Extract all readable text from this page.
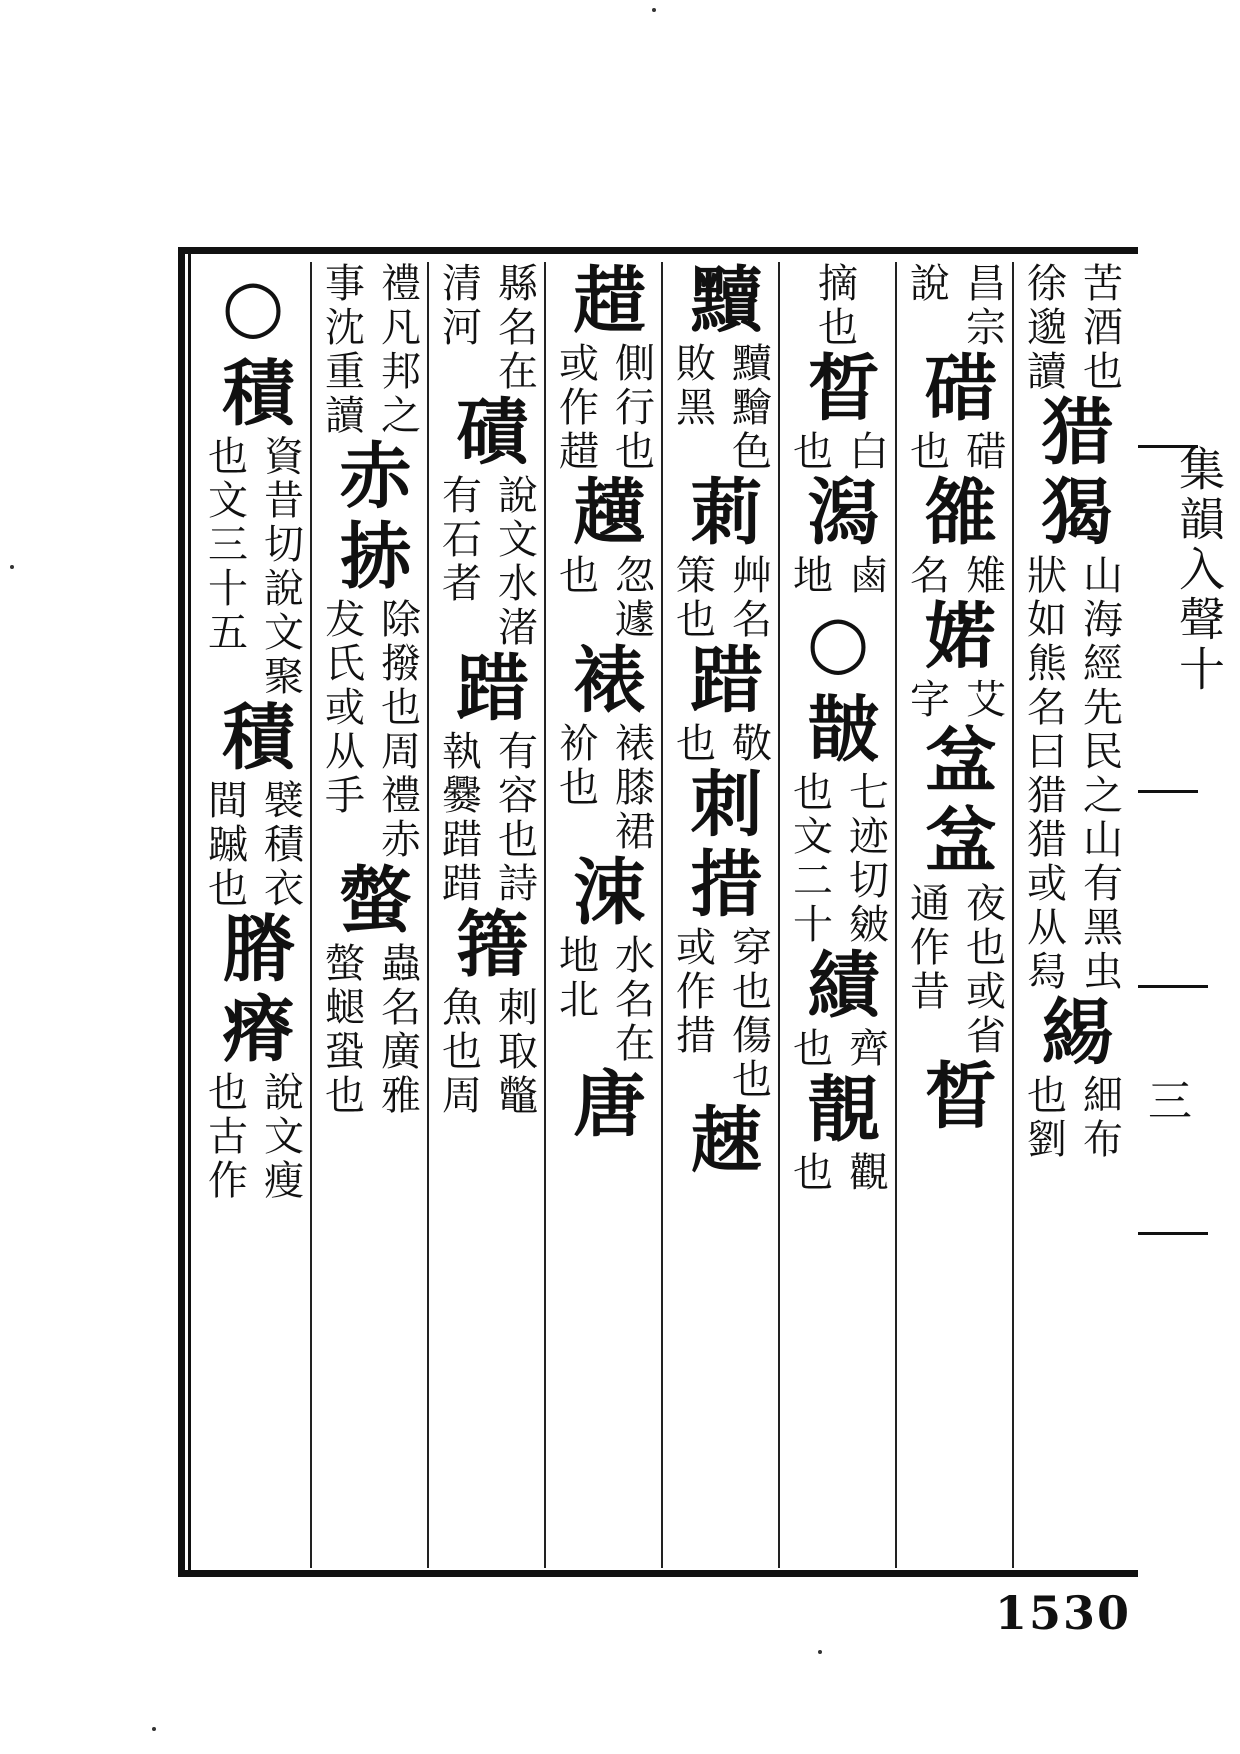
苦酒也
徐邈讀
猎猲
山海經先民之山有黑虫
狀如熊名曰猎猎或从舄
緆
細布
也劉
昌宗
說
碏
碏
也
雒
雉
名
婼
艾
字
㿽㿽
夜也或省
通作昔
晳
摘也
晳
白
也
潟
鹵
地
○皵
七迹切皴
也文二十
績
齊
也
靚
觀
也
黷
黷䵳色
敗黑
莿
艸名
策也
踖
敬
也
刺措
穿也傷也
或作措
趚
趞
側行也
或作趞
趪
忽遽
也
裱
裱膝裙
衸也
涑
水名在
地北
唐
縣名在
清河
磧
說文水渚
有石者
踖
有容也詩
執爨踖踖
簎
刺取鼈
魚也周
禮凡邦之
事沈重讀
赤捇
除撥也周禮赤
犮氏或从手
螫
蟲名廣雅
螫螁蛩也
○積
資昔切說文聚
也文三十五
積
襞積衣
間䠞也
膌瘠
說文瘦
也古作
集韻入聲十
三
1530
